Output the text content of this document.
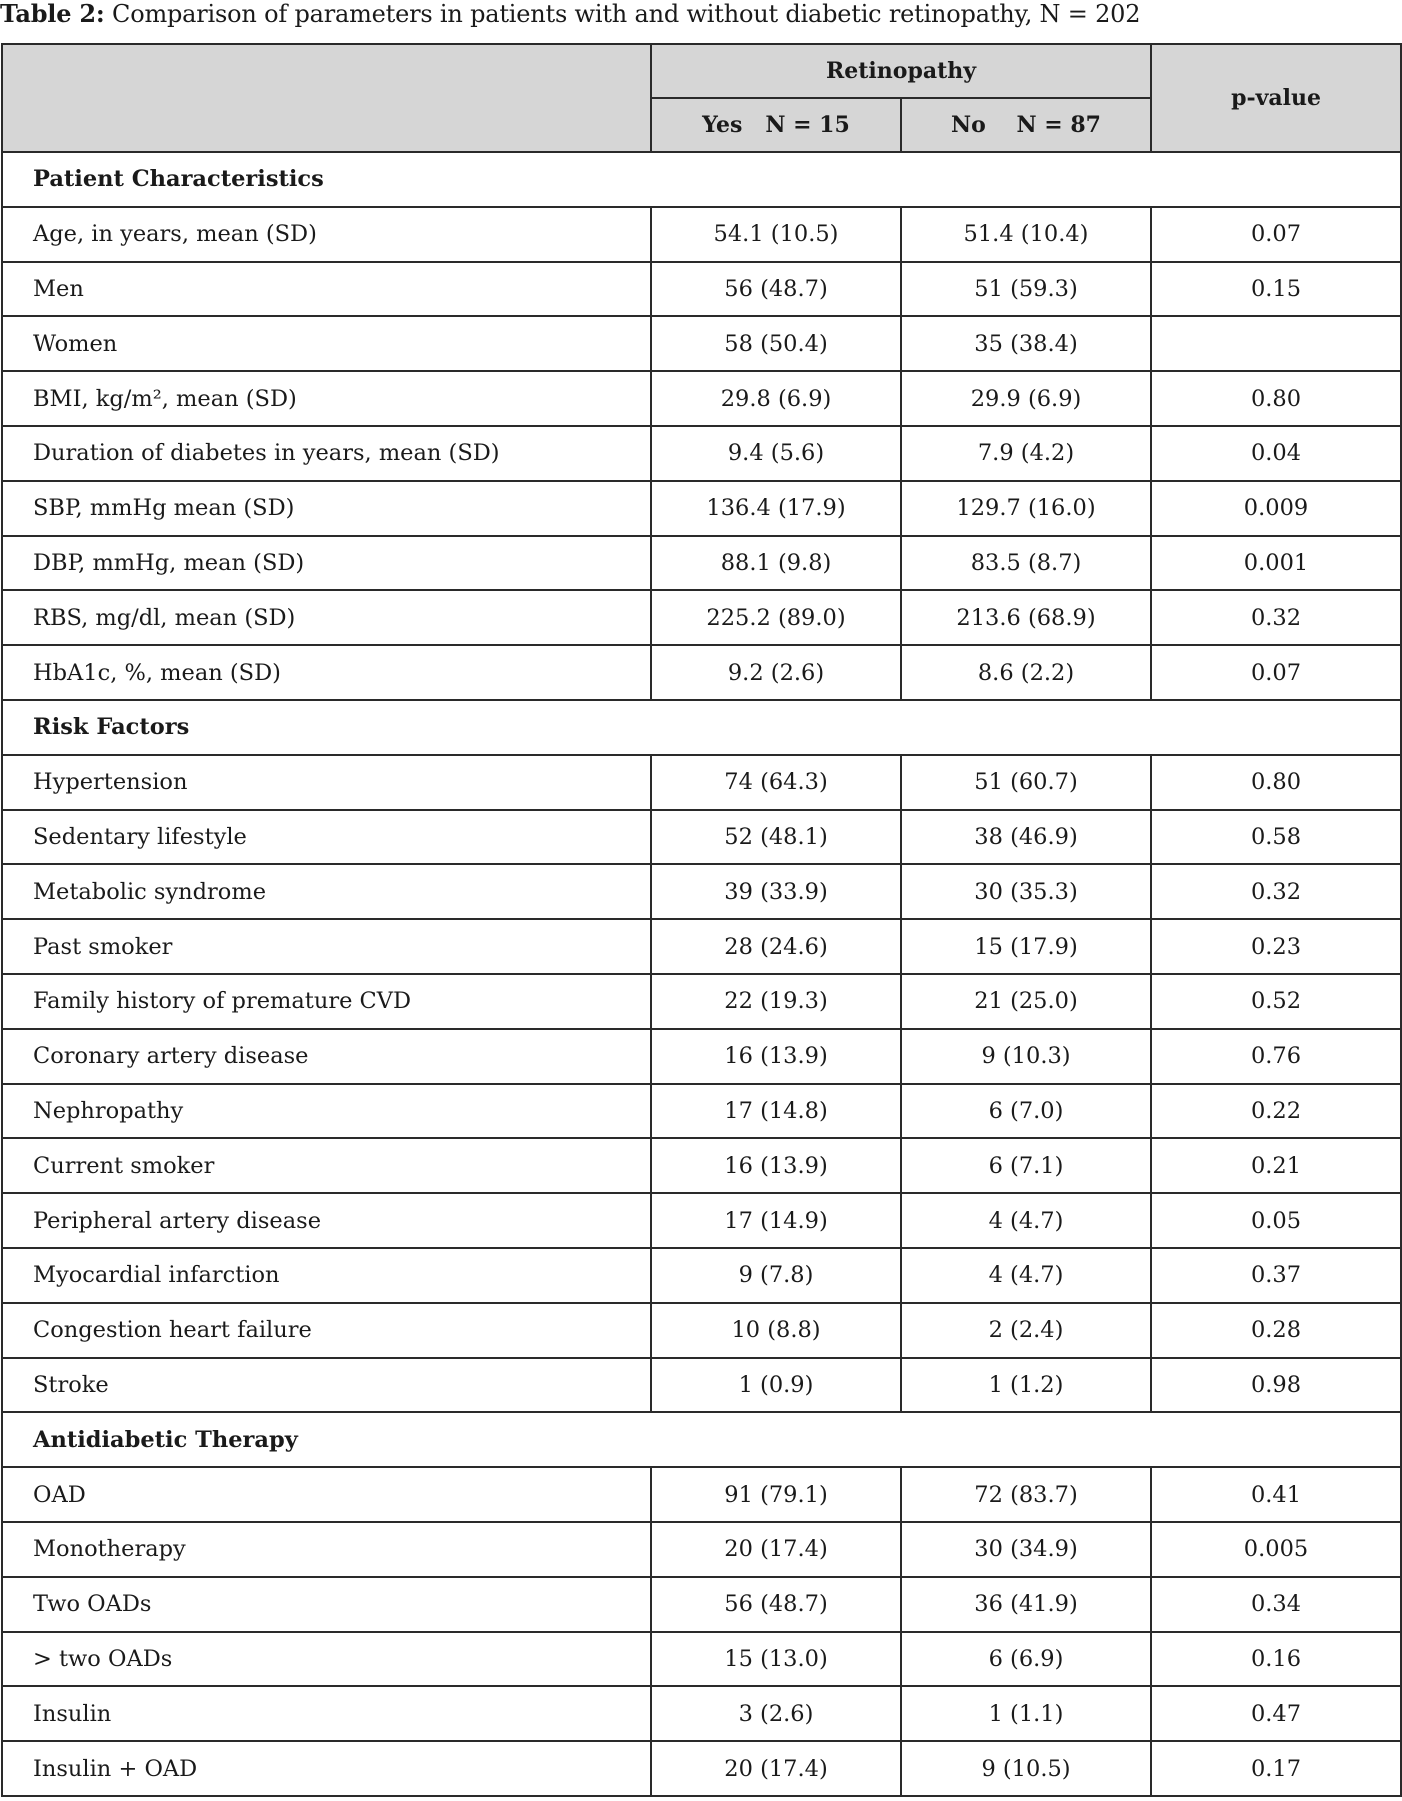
Table 2: Comparison of parameters in patients with and without diabetic retinopathy, N = 202
	Retinopathy		p-value
	Yes   N = 15	No    N = 87	
Patient Characteristics			
Age, in years, mean (SD)	54.1 (10.5)	51.4 (10.4)	0.07
Men	56 (48.7)	51 (59.3)	0.15
Women	58 (50.4)	35 (38.4)	
BMI, kg/m², mean (SD)	29.8 (6.9)	29.9 (6.9)	0.80
Duration of diabetes in years, mean (SD)	9.4 (5.6)	7.9 (4.2)	0.04
SBP, mmHg mean (SD)	136.4 (17.9)	129.7 (16.0)	0.009
DBP, mmHg, mean (SD)	88.1 (9.8)	83.5 (8.7)	0.001
RBS, mg/dl, mean (SD)	225.2 (89.0)	213.6 (68.9)	0.32
HbA1c, %, mean (SD)	9.2 (2.6)	8.6 (2.2)	0.07
Risk Factors			
Hypertension	74 (64.3)	51 (60.7)	0.80
Sedentary lifestyle	52 (48.1)	38 (46.9)	0.58
Metabolic syndrome	39 (33.9)	30 (35.3)	0.32
Past smoker	28 (24.6)	15 (17.9)	0.23
Family history of premature CVD	22 (19.3)	21 (25.0)	0.52
Coronary artery disease	16 (13.9)	9 (10.3)	0.76
Nephropathy	17 (14.8)	6 (7.0)	0.22
Current smoker	16 (13.9)	6 (7.1)	0.21
Peripheral artery disease	17 (14.9)	4 (4.7)	0.05
Myocardial infarction	9 (7.8)	4 (4.7)	0.37
Congestion heart failure	10 (8.8)	2 (2.4)	0.28
Stroke	1 (0.9)	1 (1.2)	0.98
Antidiabetic Therapy			
OAD	91 (79.1)	72 (83.7)	0.41
Monotherapy	20 (17.4)	30 (34.9)	0.005
Two OADs	56 (48.7)	36 (41.9)	0.34
> two OADs	15 (13.0)	6 (6.9)	0.16
Insulin	3 (2.6)	1 (1.1)	0.47
Insulin + OAD	20 (17.4)	9 (10.5)	0.17
